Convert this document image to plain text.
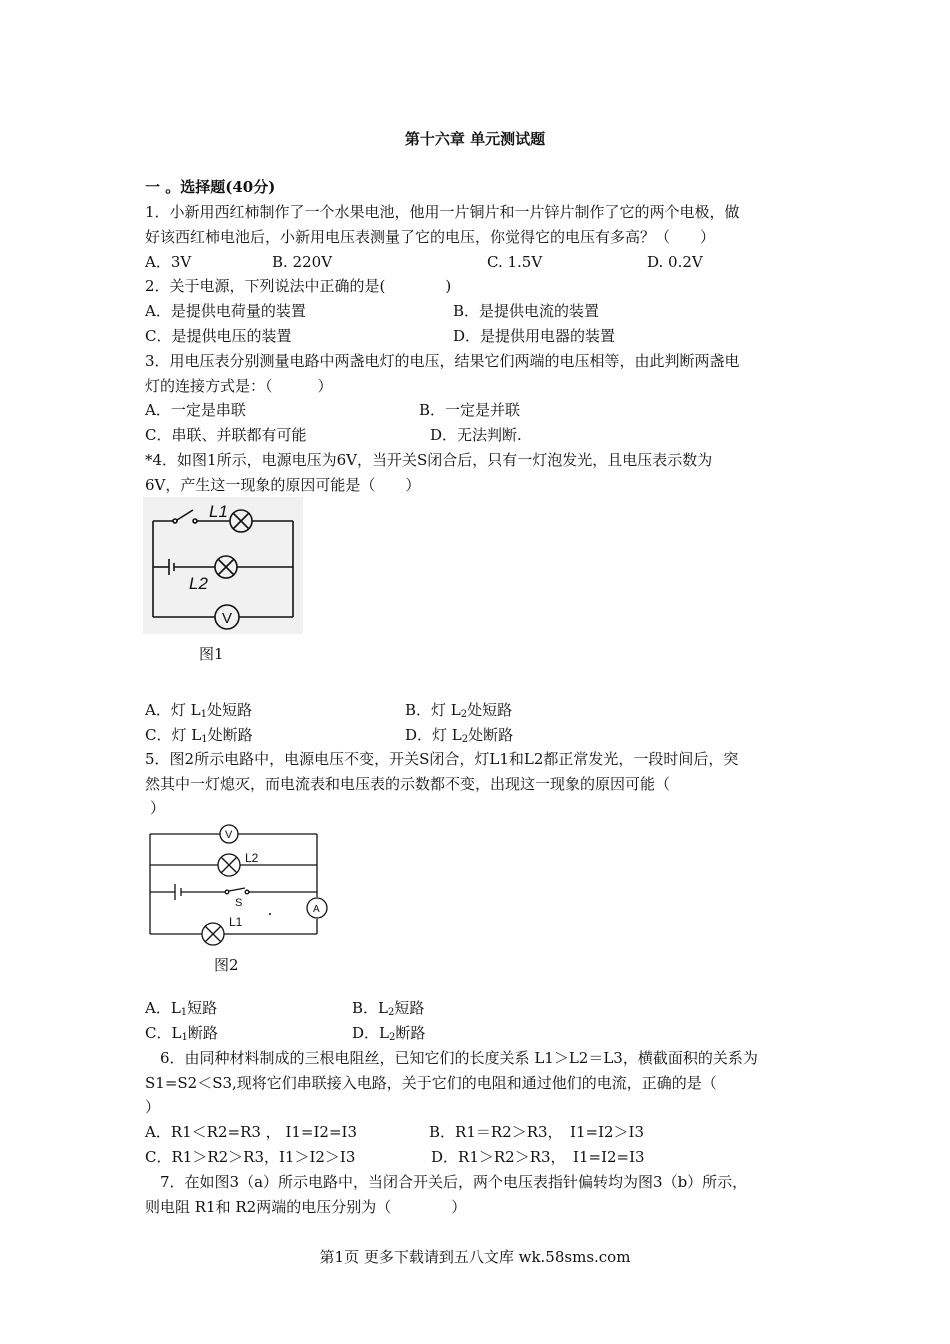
第十六章 单元测试题
一 。选择题(40分)
1．小新用西红柿制作了一个水果电池，他用一片铜片和一片锌片制作了它的两个电极，做
好该西红柿电池后，小新用电压表测量了它的电压，你觉得它的电压有多高？（　　）
A．3V	B. 220V	C. 1.5V	D. 0.2V
2．关于电源，下列说法中正确的是(　　　　)
A．是提供电荷量的装置	B．是提供电流的装置
C．是提供电压的装置	D．是提供用电器的装置
3．用电压表分别测量电路中两盏电灯的电压，结果它们两端的电压相等，由此判断两盏电
灯的连接方式是：（　　　）
A．一定是串联	B．一定是并联
C．串联、并联都有可能	D．无法判断.
*4．如图1所示，电源电压为6V，当开关S闭合后，只有一灯泡发光，且电压表示数为
6V，产生这一现象的原因可能是（　　）
L1
L2
V
图1
A．灯 $L_1$处短路	B．灯 $L_2$处短路
C．灯 $L_1$处断路	D．灯 $L_2$处断路
5．图2所示电路中，电源电压不变，开关S闭合，灯L1和L2都正常发光，一段时间后，突
然其中一灯熄灭，而电流表和电压表的示数都不变，出现这一现象的原因可能（
）
V
L2
S
A
L1
图2
A．$L_1$短路	B．$L_2$短路
C．$L_1$断路	D．$L_2$断路
6．由同种材料制成的三根电阻丝，已知它们的长度关系 L1＞L2＝L3，横截面积的关系为
S1=S2＜S3,现将它们串联接入电路，关于它们的电阻和通过他们的电流，正确的是（
）
A．R1＜R2=R3 ， I1=I2=I3	B．R1＝R2＞R3，　I1=I2＞I3
C．R1＞R2＞R3，I1＞I2＞I3	D．R1＞R2＞R3，　I1=I2=I3
7．在如图3（a）所示电路中，当闭合开关后，两个电压表指针偏转均为图3（b）所示，
则电阻 R1和 R2两端的电压分别为（　　　　）
第1页 更多下载请到五八文库 wk.58sms.com
